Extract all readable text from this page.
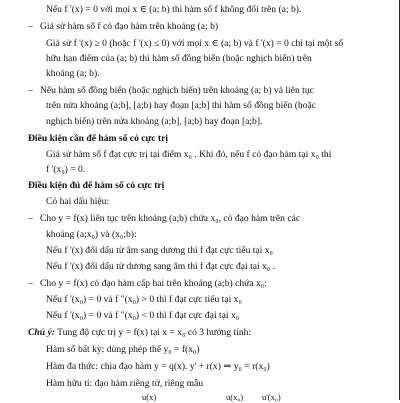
Nếu f '(x) = 0 với mọi x ∈ (a; b) thì hàm số f không đổi trên (a; b).
– Giả sử hàm số f có đạo hàm trên khoảng (a; b)
Giả sử f '(x) ≥ 0 (hoặc f '(x) ≤ 0) với mọi x ∈ (a; b) và f '(x) = 0 chỉ tại một số
hữu hạn điểm của (a; b) thì hàm số đồng biến (hoặc nghịch biến) trên
khoảng (a; b).
– Nếu hàm số đồng biến (hoặc nghịch biến) trên khoảng (a; b) và liên tục
trên nửa khoảng (a;b], [a;b) hay đoạn [a;b] thì hàm số đồng biến (hoặc
nghịch biến) trên nửa khoảng (a;b], [a;b) hay đoạn [a;b].
Điều kiện cần để hàm số có cực trị
Giả sử hàm số f đạt cực trị tại điểm x₀ . Khi đó, nếu f có đạo hàm tại x₀ thì
f '(x₀) = 0.
Điều kiện đủ để hàm số có cực trị
Có hai dấu hiệu:
– Cho y = f(x) liên tục trên khoảng (a;b) chứa x₀, có đạo hàm trên các
khoảng (a;x₀) và (x₀;b):
Nếu f '(x) đổi dấu từ âm sang dương thì f đạt cực tiểu tại x₀
Nếu f '(x) đổi dấu từ dương sang âm thì f đạt cực đại tại x₀ .
– Cho y = f(x) có đạo hàm cấp hai trên khoảng (a;b) chứa x₀:
Nếu f '(x₀) = 0 và f "(x₀) > 0 thì f đạt cực tiểu tại x₀
Nếu f '(x₀) = 0 và f "(x₀) < 0 thì f đạt cực đại tại x₀
Chú ý: Tung độ cực trị y = f(x) tại x = x₀ có 3 hướng tính:
Hàm số bất kỳ: dùng phép thế y₀ = f(x₀)
Hàm đa thức: chia đạo hàm y = q(x). y' + r(x) ⇒ y₀ = r(x₀)
Hàm hữu tỉ: đạo hàm riêng tử, riêng mẫu
u(x)	u(x₀) u'(x₀)
